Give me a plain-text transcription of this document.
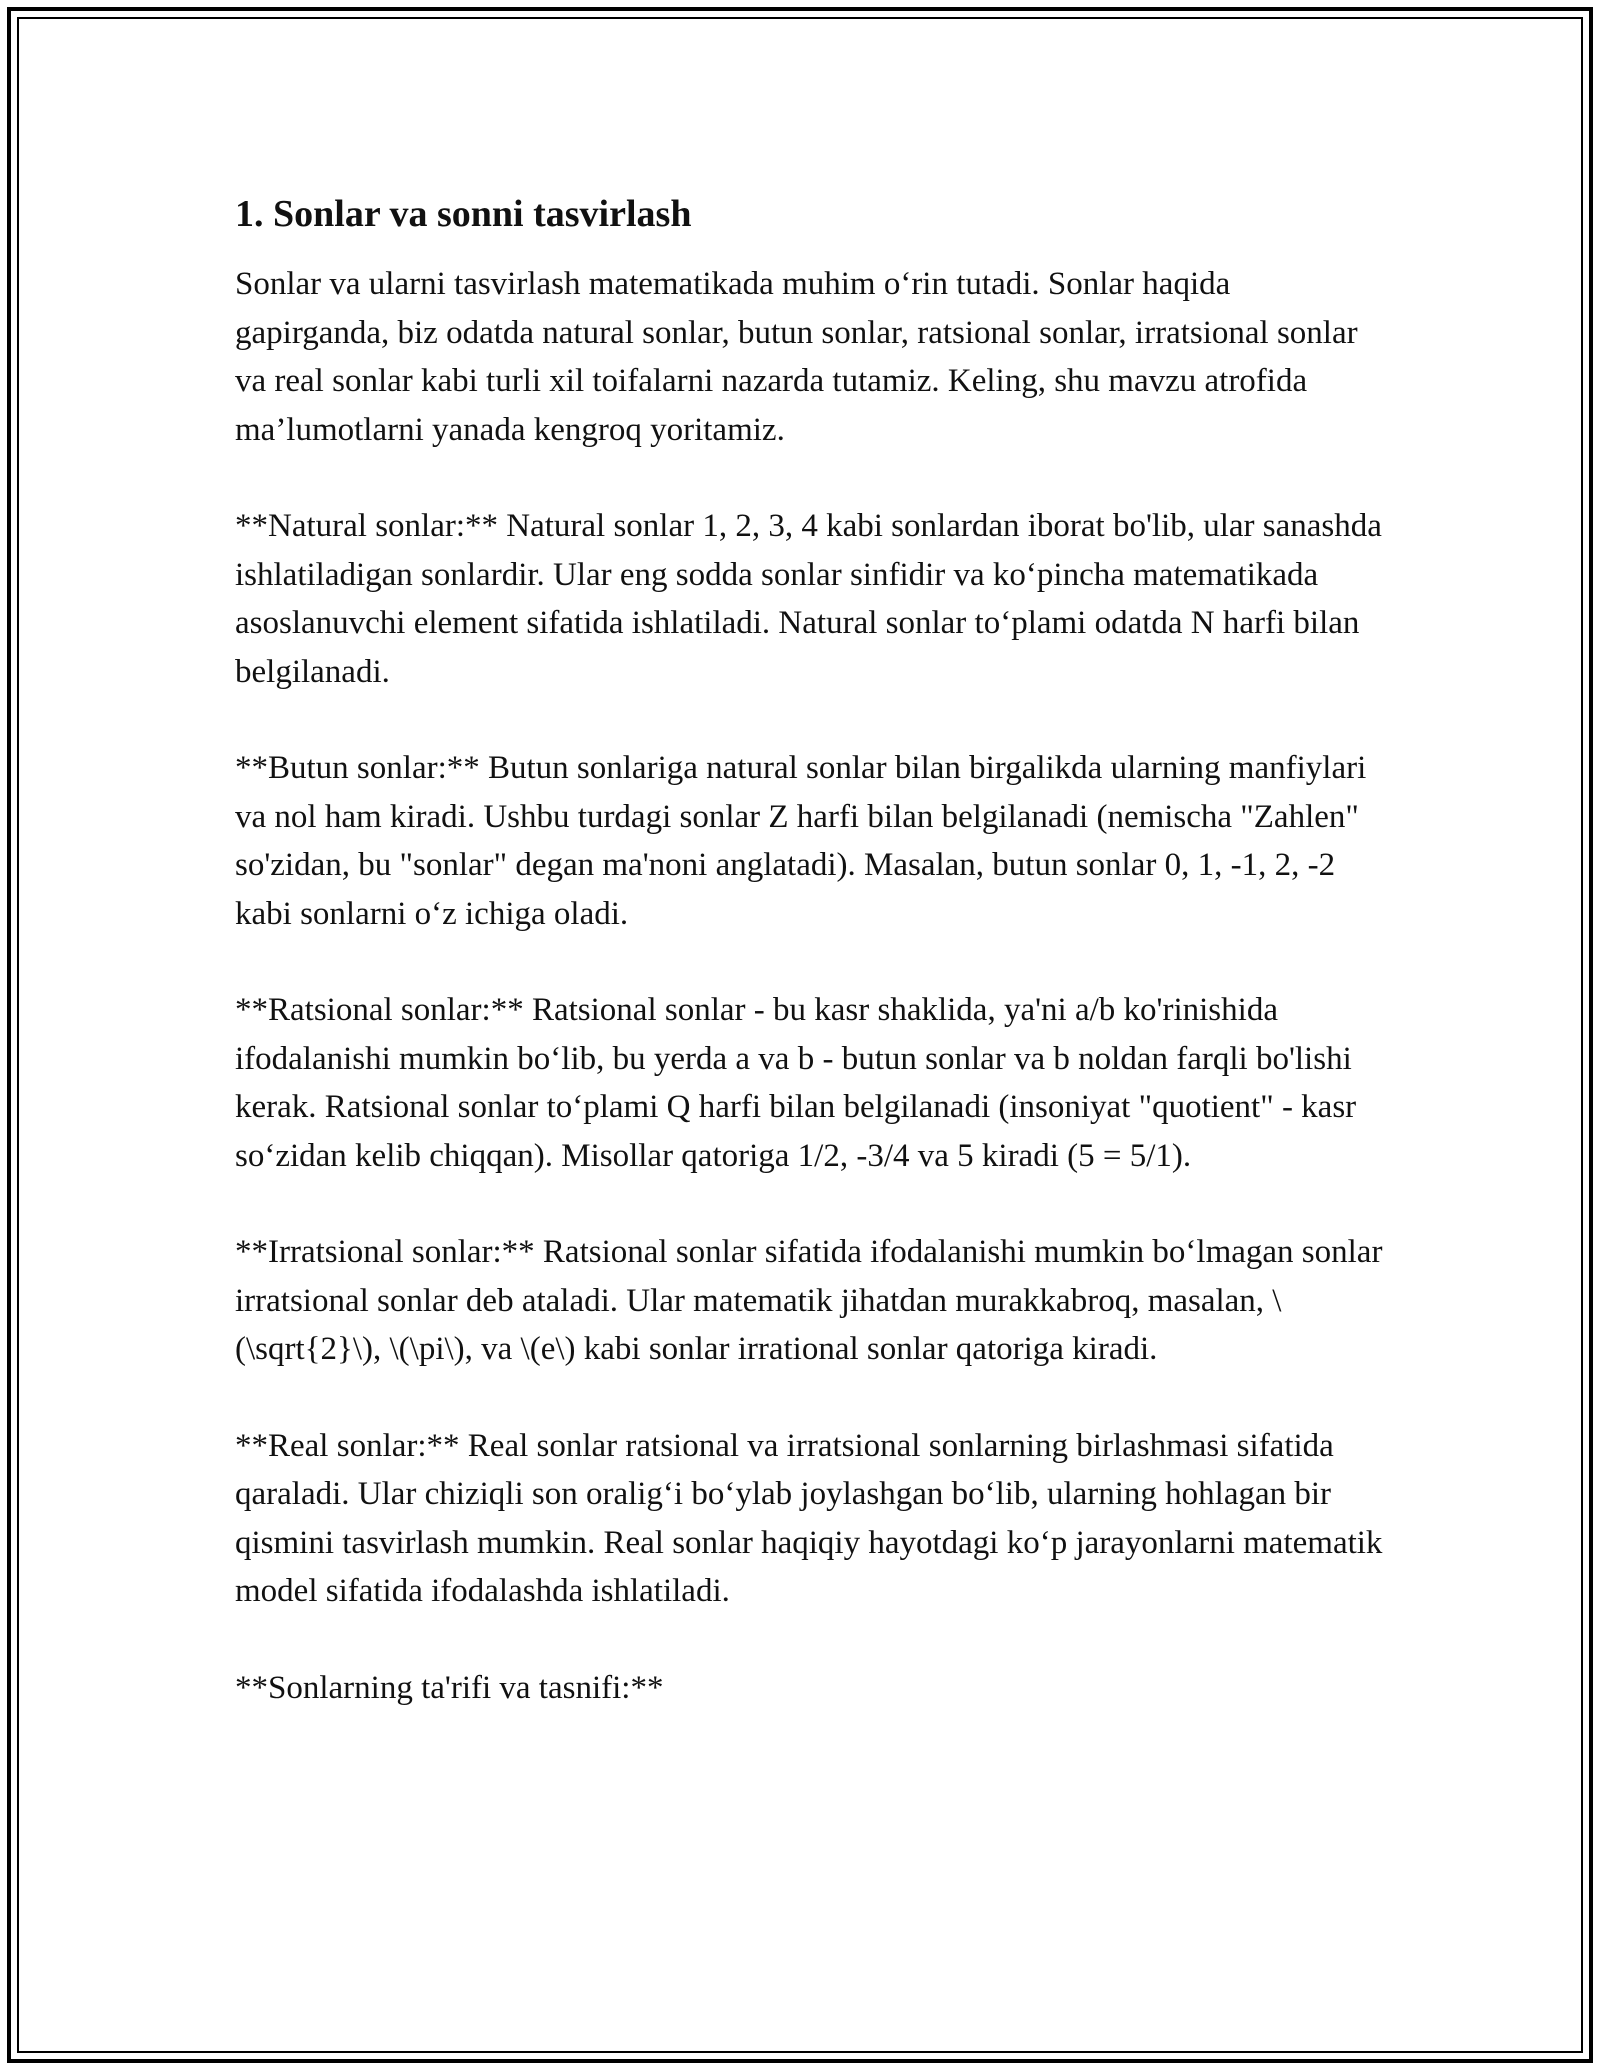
1. Sonlar va sonni tasvirlash
Sonlar va ularni tasvirlash matematikada muhim o‘rin tutadi. Sonlar haqida gapirganda, biz odatda natural sonlar, butun sonlar, ratsional sonlar, irratsional sonlar va real sonlar kabi turli xil toifalarni nazarda tutamiz. Keling, shu mavzu atrofida ma’lumotlarni yanada kengroq yoritamiz.
**Natural sonlar:** Natural sonlar 1, 2, 3, 4 kabi sonlardan iborat bo'lib, ular sanashda ishlatiladigan sonlardir. Ular eng sodda sonlar sinfidir va ko‘pincha matematikada asoslanuvchi element sifatida ishlatiladi. Natural sonlar to‘plami odatda N harfi bilan belgilanadi.
**Butun sonlar:** Butun sonlariga natural sonlar bilan birgalikda ularning manfiylari va nol ham kiradi. Ushbu turdagi sonlar Z harfi bilan belgilanadi (nemischa "Zahlen" so'zidan, bu "sonlar" degan ma'noni anglatadi). Masalan, butun sonlar 0, 1, -1, 2, -2 kabi sonlarni o‘z ichiga oladi.
**Ratsional sonlar:** Ratsional sonlar - bu kasr shaklida, ya'ni a/b ko'rinishida ifodalanishi mumkin bo‘lib, bu yerda a va b - butun sonlar va b noldan farqli bo'lishi kerak. Ratsional sonlar to‘plami Q harfi bilan belgilanadi (insoniyat "quotient" - kasr so‘zidan kelib chiqqan). Misollar qatoriga 1/2, -3/4 va 5 kiradi (5 = 5/1).
**Irratsional sonlar:** Ratsional sonlar sifatida ifodalanishi mumkin bo‘lmagan sonlar irratsional sonlar deb ataladi. Ular matematik jihatdan murakkabroq, masalan, \(\sqrt{2}\), \(\pi\), va \(e\) kabi sonlar irrational sonlar qatoriga kiradi.
**Real sonlar:** Real sonlar ratsional va irratsional sonlarning birlashmasi sifatida qaraladi. Ular chiziqli son oralig‘i bo‘ylab joylashgan bo‘lib, ularning hohlagan bir qismini tasvirlash mumkin. Real sonlar haqiqiy hayotdagi ko‘p jarayonlarni matematik model sifatida ifodalashda ishlatiladi.
**Sonlarning ta'rifi va tasnifi:**
